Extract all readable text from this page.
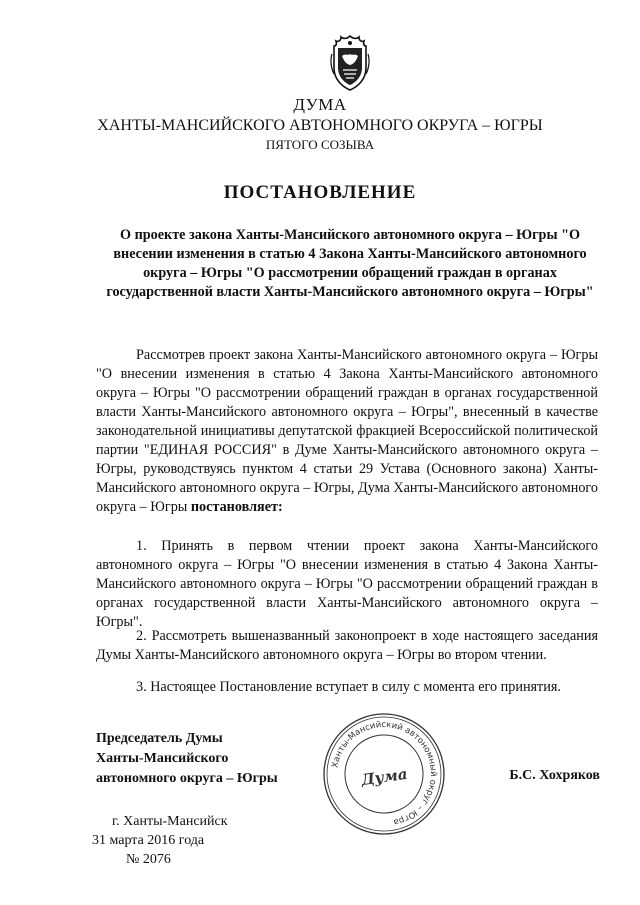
ДУМА
ХАНТЫ-МАНСИЙСКОГО АВТОНОМНОГО ОКРУГА – ЮГРЫ
ПЯТОГО СОЗЫВА
ПОСТАНОВЛЕНИЕ
О проекте закона Ханты-Мансийского автономного округа – Югры "О внесении изменения в статью 4 Закона Ханты-Мансийского автономного округа – Югры "О рассмотрении обращений граждан в органах государственной власти Ханты-Мансийского автономного округа – Югры"

Рассмотрев проект закона Ханты-Мансийского автономного округа – Югры "О внесении изменения в статью 4 Закона Ханты-Мансийского автономного округа – Югры "О рассмотрении обращений граждан в органах государственной власти Ханты-Мансийского автономного округа – Югры", внесенный в качестве законодательной инициативы депутатской фракцией Всероссийской политической партии "ЕДИНАЯ РОССИЯ" в Думе Ханты-Мансийского автономного округа – Югры, руководствуясь пунктом 4 статьи 29 Устава (Основного закона) Ханты-Мансийского автономного округа – Югры, Дума Ханты-Мансийского автономного округа – Югры постановляет:

1. Принять в первом чтении проект закона Ханты-Мансийского автономного округа – Югры "О внесении изменения в статью 4 Закона Ханты-Мансийского автономного округа – Югры "О рассмотрении обращений граждан в органах государственной власти Ханты-Мансийского автономного округа – Югры".

2. Рассмотреть вышеназванный законопроект в ходе настоящего заседания Думы Ханты-Мансийского автономного округа – Югры во втором чтении.

3. Настоящее Постановление вступает в силу с момента его принятия.

Председатель Думы
Ханты-Мансийского
автономного округа – Югры	Б.С. Хохряков
Ханты-Мансийский автономный округ – Югра
Дума
г. Ханты-Мансийск
31 марта 2016 года
№ 2076
